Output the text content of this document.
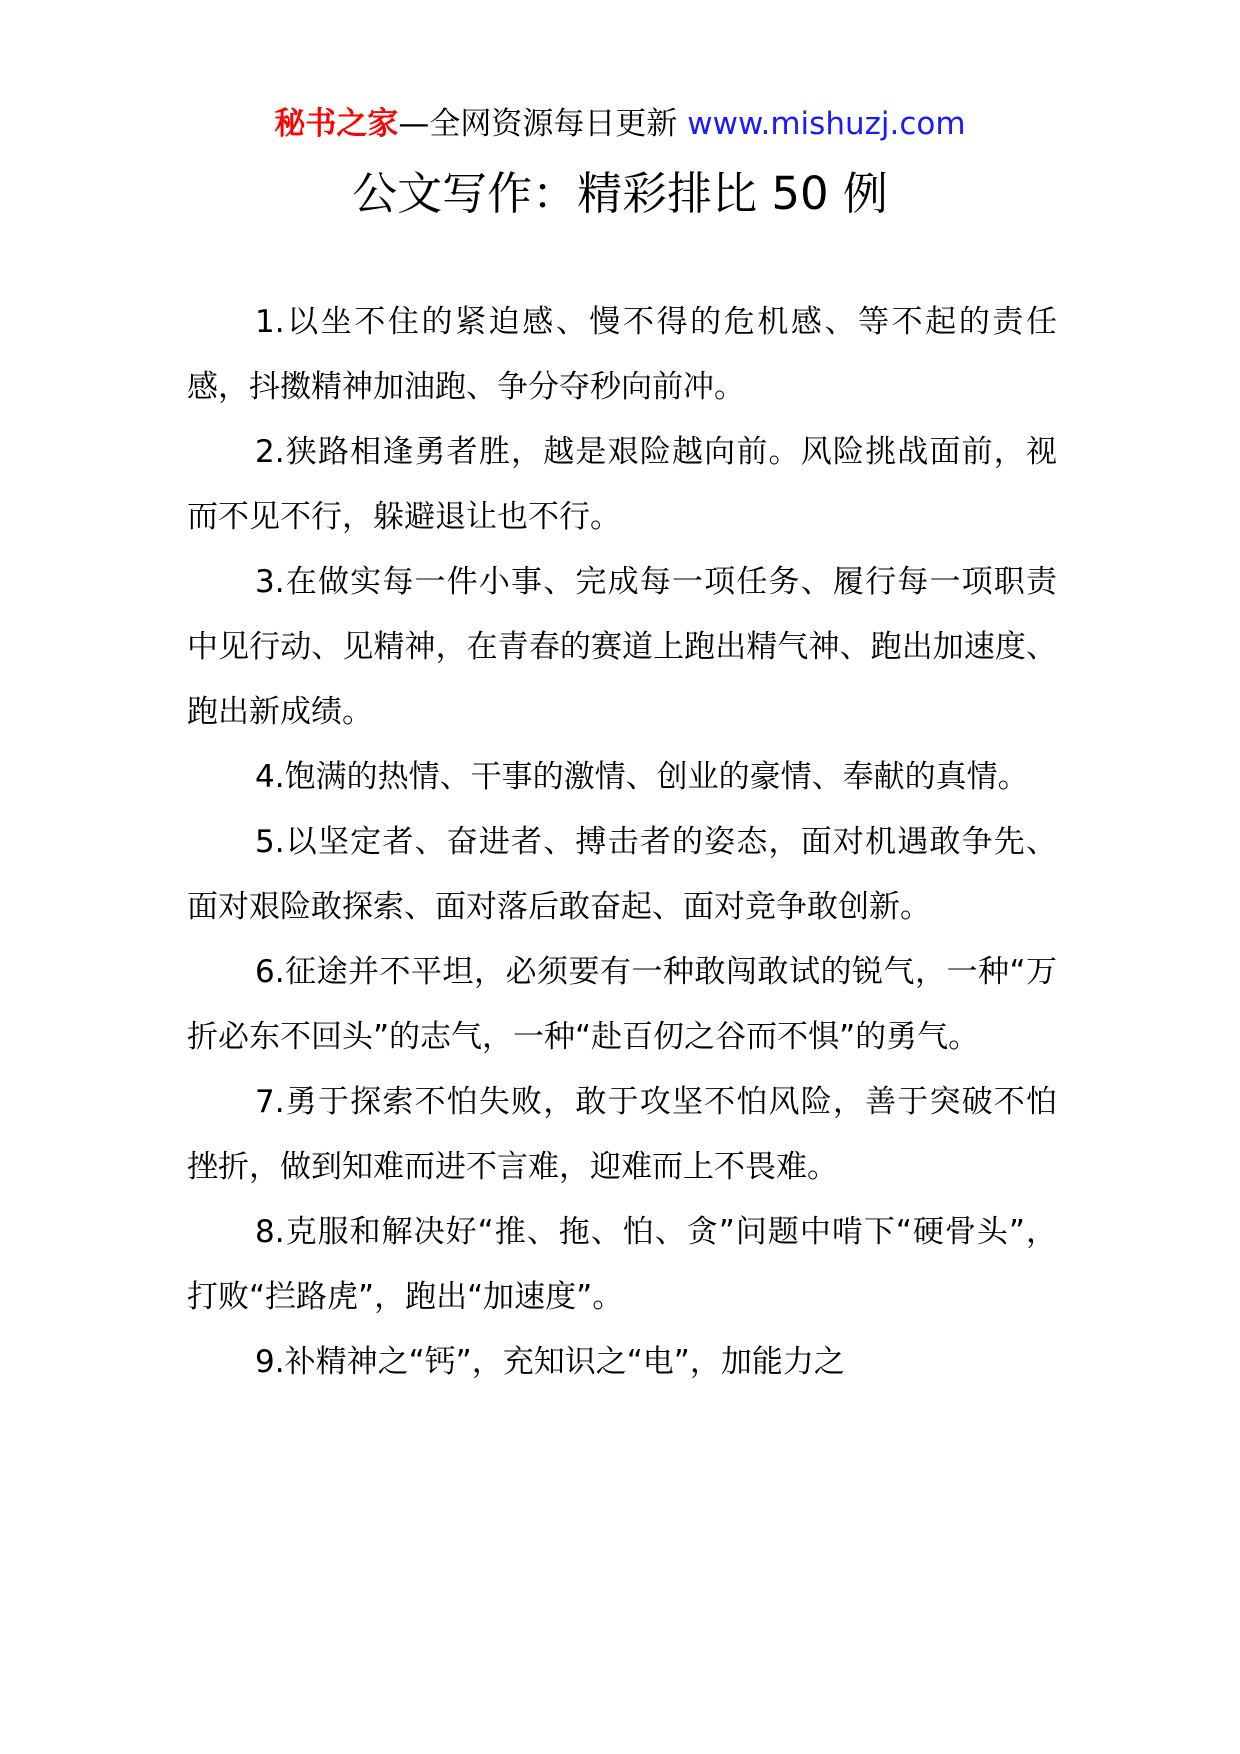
秘书之家—全网资源每日更新 www.mishuzj.com
公文写作：精彩排比 50 例

1.以坐不住的紧迫感、慢不得的危机感、等不起的责任感，抖擞精神加油跑、争分夺秒向前冲。

2.狭路相逢勇者胜，越是艰险越向前。风险挑战面前，视而不见不行，躲避退让也不行。

3.在做实每一件小事、完成每一项任务、履行每一项职责中见行动、见精神，在青春的赛道上跑出精气神、跑出加速度、跑出新成绩。

4.饱满的热情、干事的激情、创业的豪情、奉献的真情。

5.以坚定者、奋进者、搏击者的姿态，面对机遇敢争先、面对艰险敢探索、面对落后敢奋起、面对竞争敢创新。

6.征途并不平坦，必须要有一种敢闯敢试的锐气，一种“万折必东不回头”的志气，一种“赴百仞之谷而不惧”的勇气。

7.勇于探索不怕失败，敢于攻坚不怕风险，善于突破不怕挫折，做到知难而进不言难，迎难而上不畏难。

8.克服和解决好“推、拖、怕、贪”问题中啃下“硬骨头”，打败“拦路虎”，跑出“加速度”。

9.补精神之“钙”，充知识之“电”，加能力之
